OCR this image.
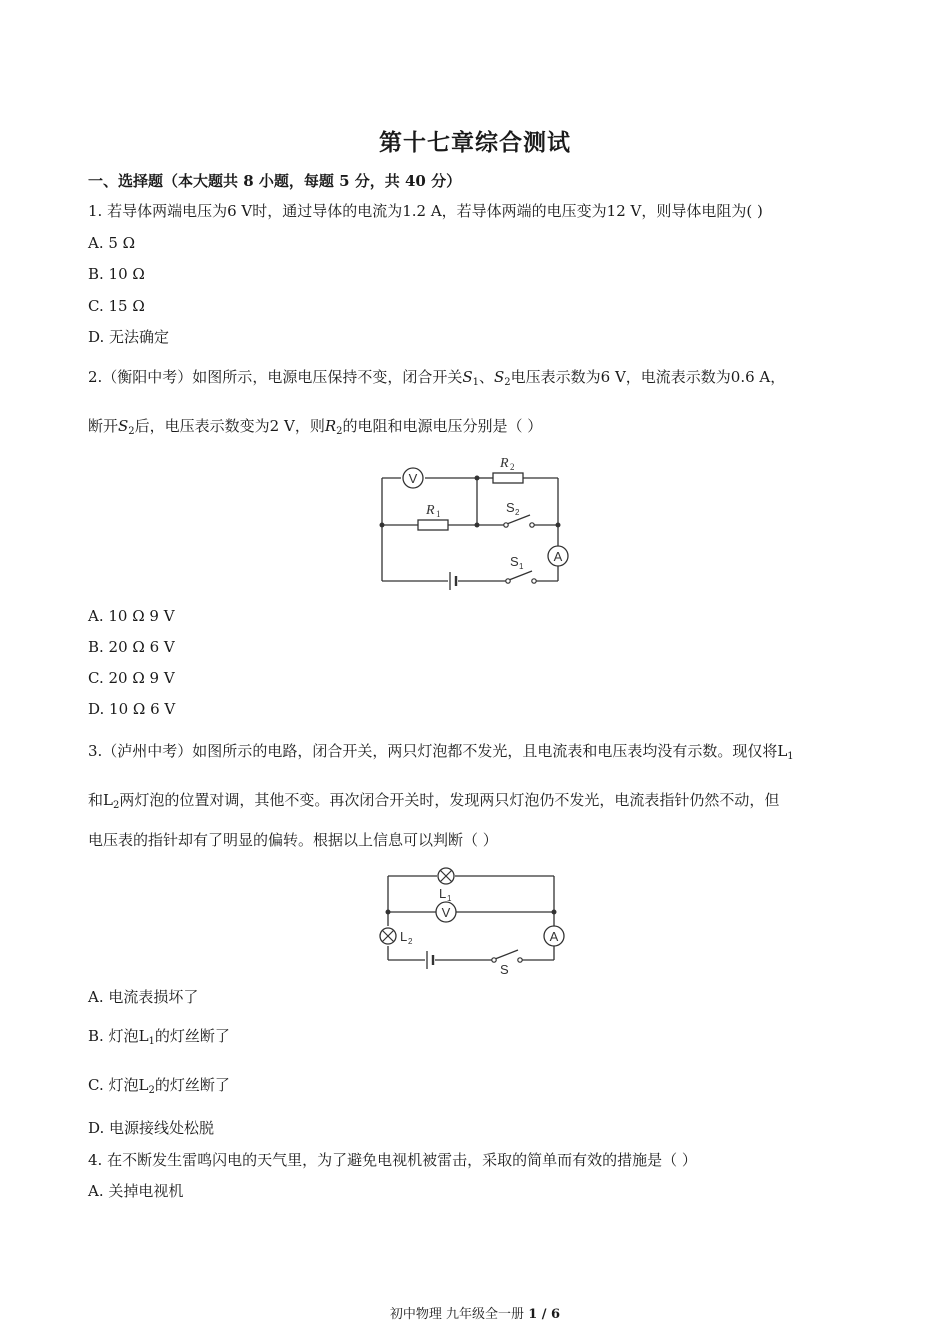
第十七章综合测试
一、选择题（本大题共 8 小题，每题 5 分，共 40 分）
1. 若导体两端电压为6 V时，通过导体的电流为1.2 A，若导体两端的电压变为12 V，则导体电阻为( )
A. 5 Ω
B. 10 Ω
C. 15 Ω
D. 无法确定
2.（衡阳中考）如图所示，电源电压保持不变，闭合开关$S_1$、$S_2$电压表示数为6 V，电流表示数为0.6 A，
断开$S_2$后，电压表示数变为2 V，则$R_2$的电阻和电源电压分别是（ ）
V
A
R 2
R 1	S 2
S 1
A. 10 Ω 9 V
B. 20 Ω 6 V
C. 20 Ω 9 V
D. 10 Ω 6 V
3.（泸州中考）如图所示的电路，闭合开关，两只灯泡都不发光，且电流表和电压表均没有示数。现仅将$L_1$
和$L_2$两灯泡的位置对调，其他不变。再次闭合开关时，发现两只灯泡仍不发光，电流表指针仍然不动，但
电压表的指针却有了明显的偏转。根据以上信息可以判断（ ）
V
A
L 1
L 2
S
A. 电流表损坏了
B. 灯泡$L_1$的灯丝断了
C. 灯泡$L_2$的灯丝断了
D. 电源接线处松脱
4. 在不断发生雷鸣闪电的天气里，为了避免电视机被雷击，采取的简单而有效的措施是（ ）
A. 关掉电视机
初中物理 九年级全一册 1 / 6
